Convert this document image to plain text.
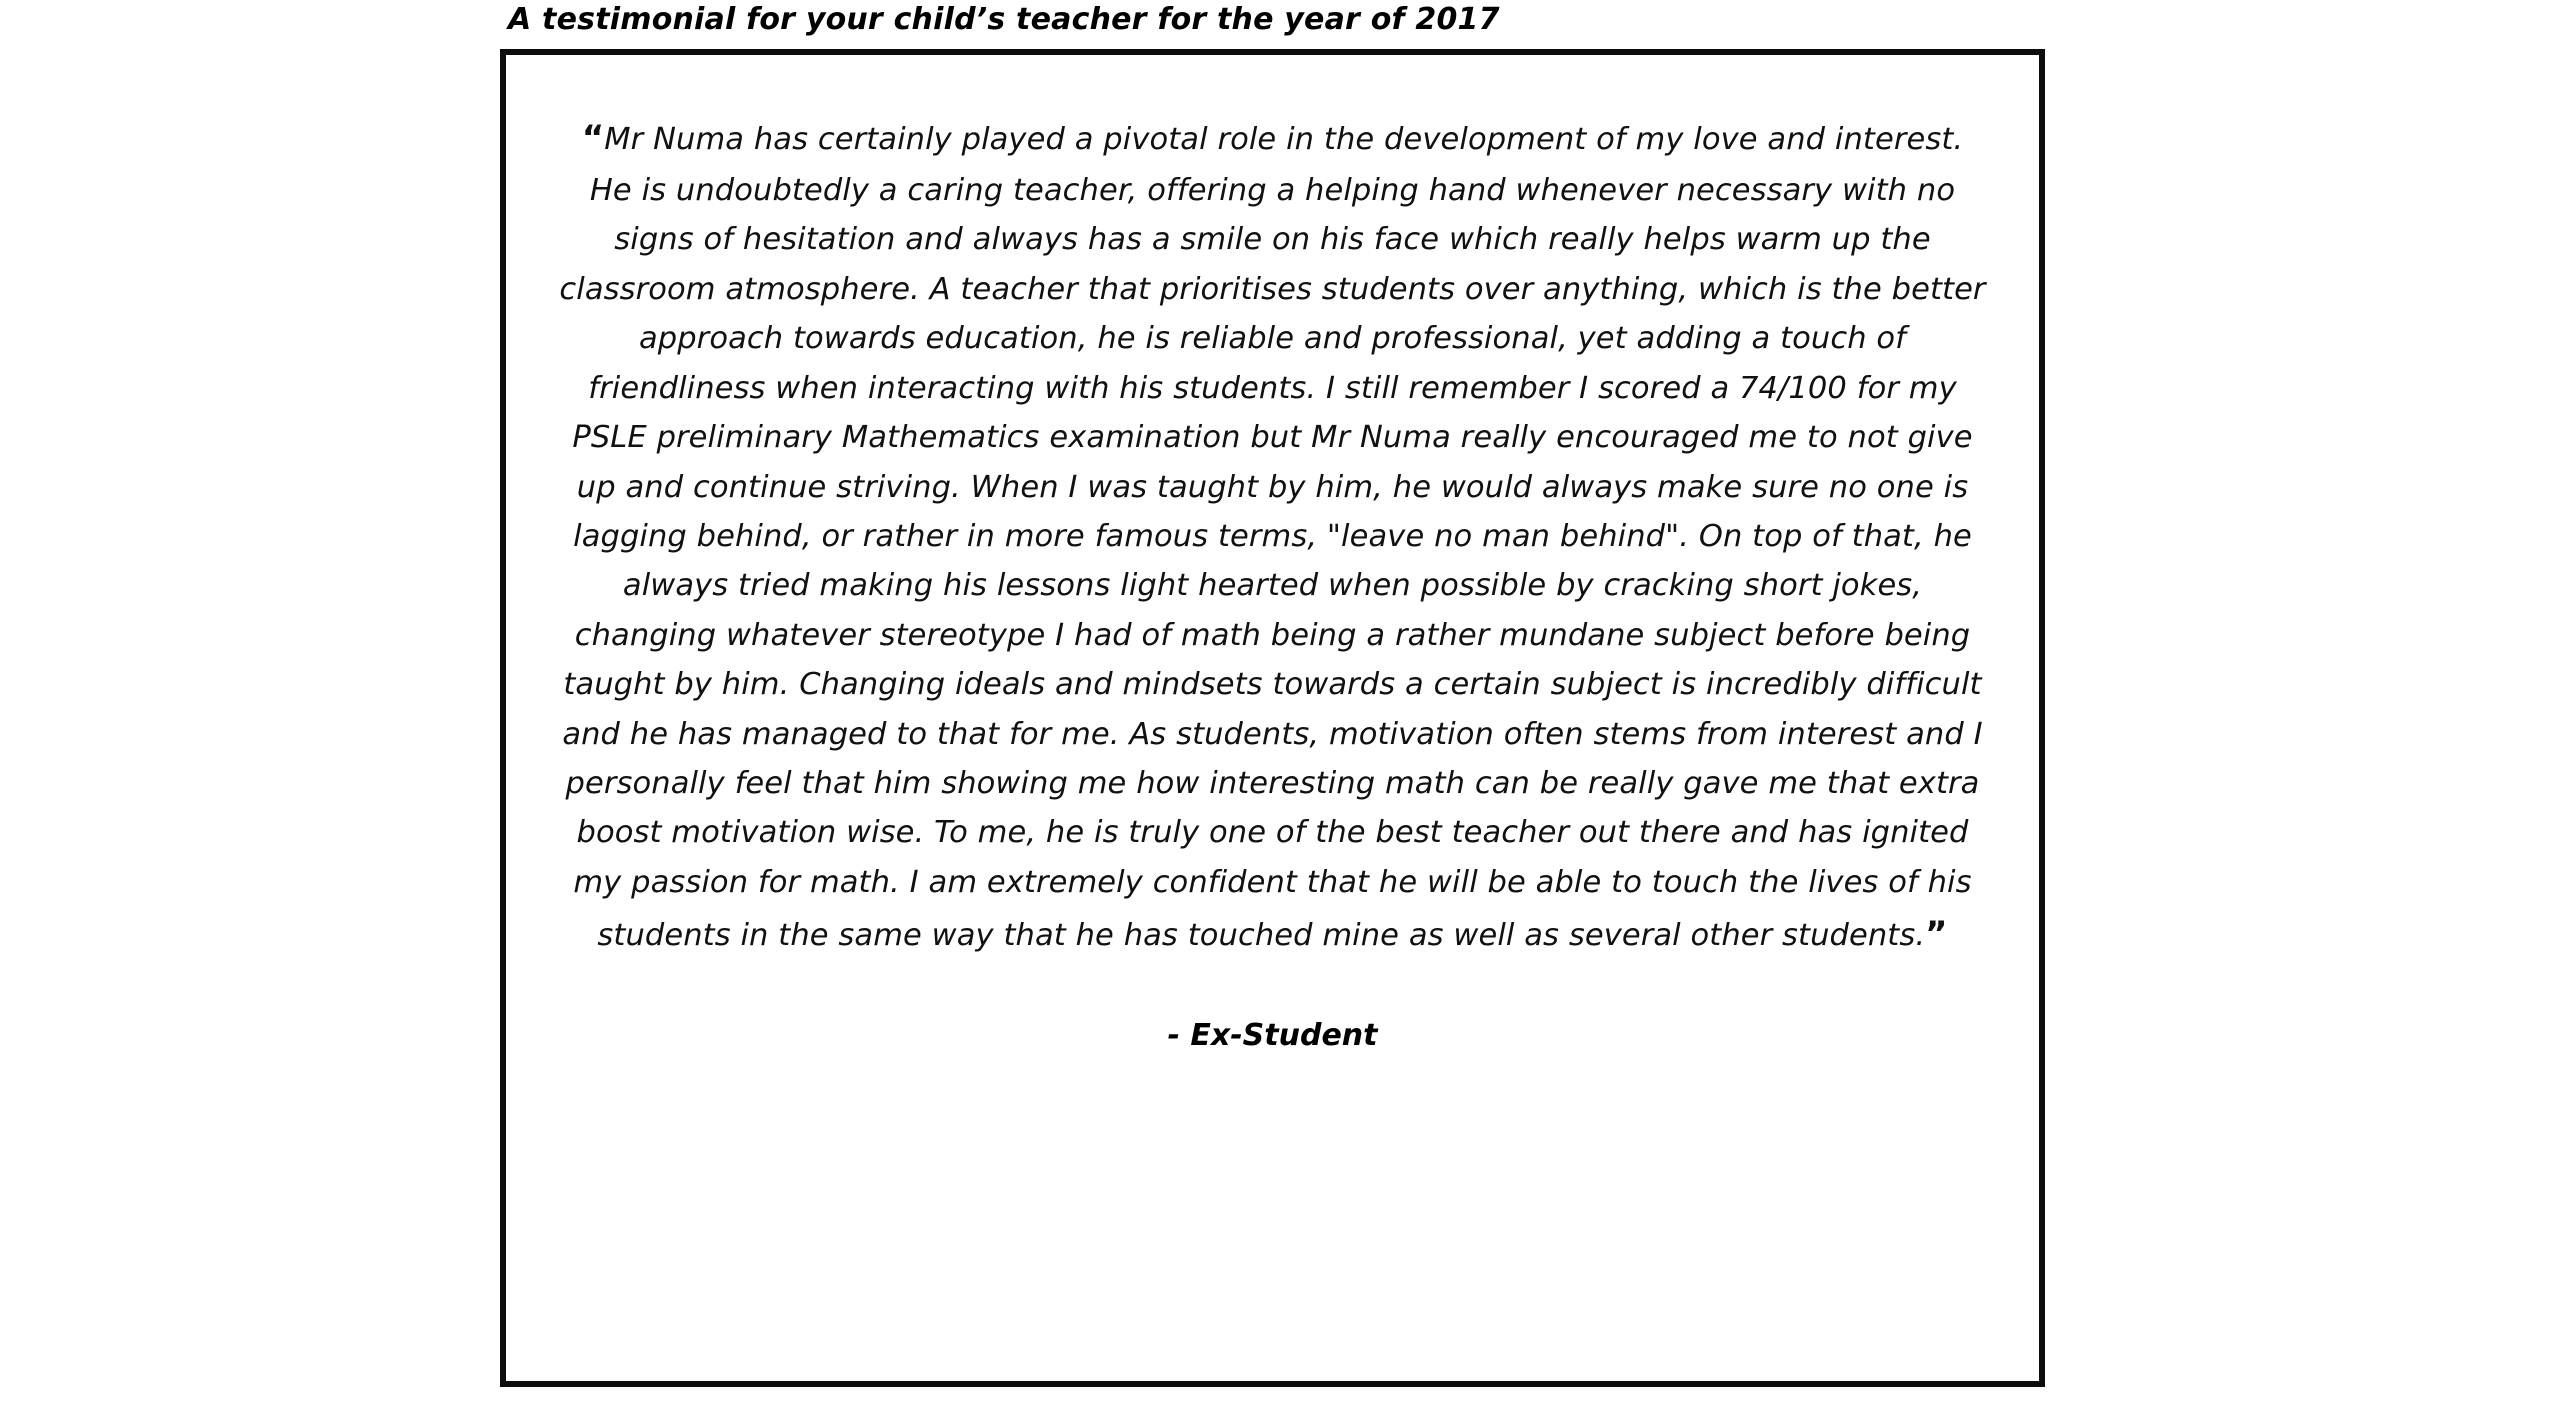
A testimonial for your child’s teacher for the year of 2017

“Mr Numa has certainly played a pivotal role in the development of my love and interest. He is undoubtedly a caring teacher, offering a helping hand whenever necessary with no signs of hesitation and always has a smile on his face which really helps warm up the classroom atmosphere. A teacher that prioritises students over anything, which is the better approach towards education, he is reliable and professional, yet adding a touch of friendliness when interacting with his students. I still remember I scored a 74/100 for my PSLE preliminary Mathematics examination but Mr Numa really encouraged me to not give up and continue striving. When I was taught by him, he would always make sure no one is lagging behind, or rather in more famous terms, "leave no man behind". On top of that, he always tried making his lessons light hearted when possible by cracking short jokes, changing whatever stereotype I had of math being a rather mundane subject before being taught by him. Changing ideals and mindsets towards a certain subject is incredibly difficult and he has managed to that for me. As students, motivation often stems from interest and I personally feel that him showing me how interesting math can be really gave me that extra boost motivation wise. To me, he is truly one of the best teacher out there and has ignited my passion for math. I am extremely confident that he will be able to touch the lives of his students in the same way that he has touched mine as well as several other students.”

- Ex-Student
